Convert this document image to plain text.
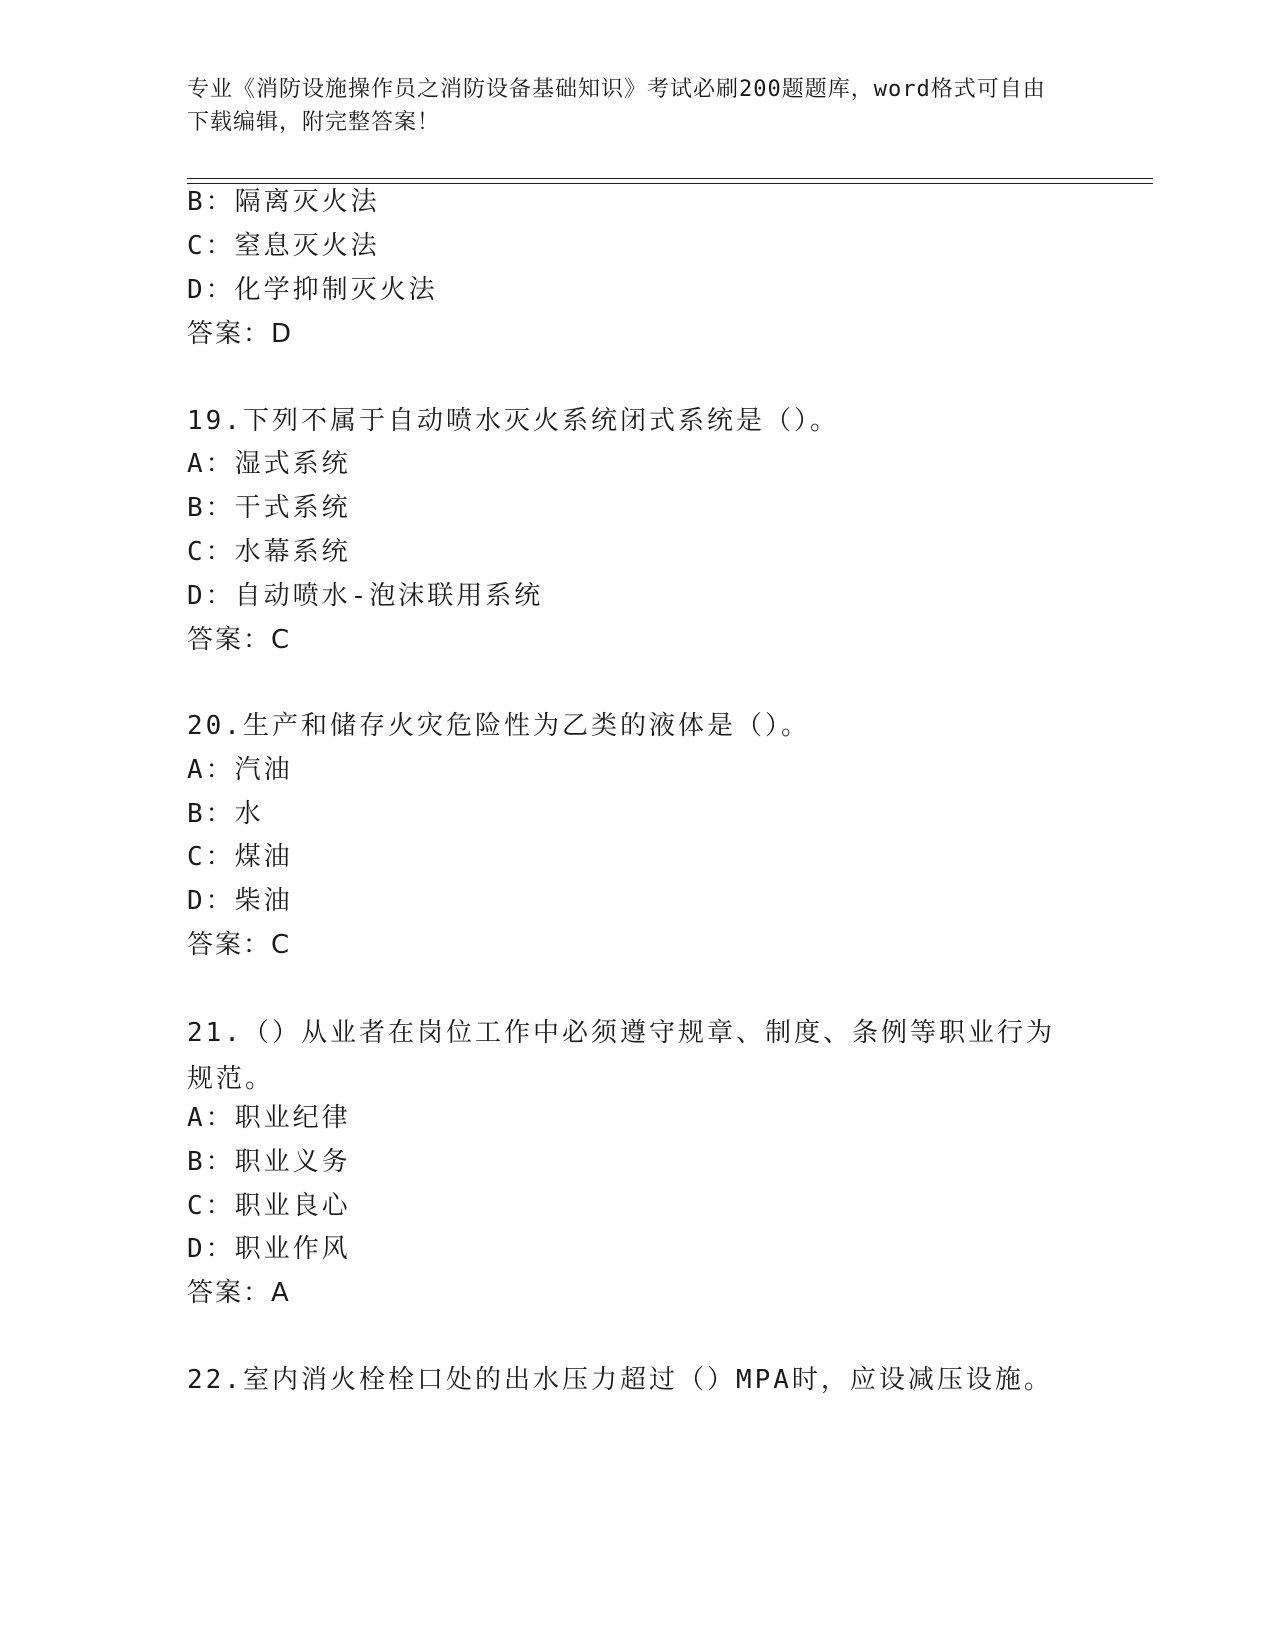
专业《消防设施操作员之消防设备基础知识》考试必刷200题题库，word格式可自由下载编辑，附完整答案！
B：隔离灭火法
C：窒息灭火法
D：化学抑制灭火法
答案：D
19.下列不属于自动喷水灭火系统闭式系统是（）。
A：湿式系统
B：干式系统
C：水幕系统
D：自动喷水-泡沫联用系统
答案：C
20.生产和储存火灾危险性为乙类的液体是（）。
A：汽油
B：水
C：煤油
D：柴油
答案：C
21.（）从业者在岗位工作中必须遵守规章、制度、条例等职业行为规范。
A：职业纪律
B：职业义务
C：职业良心
D：职业作风
答案：A
22.室内消火栓栓口处的出水压力超过（）MPA时，应设减压设施。
